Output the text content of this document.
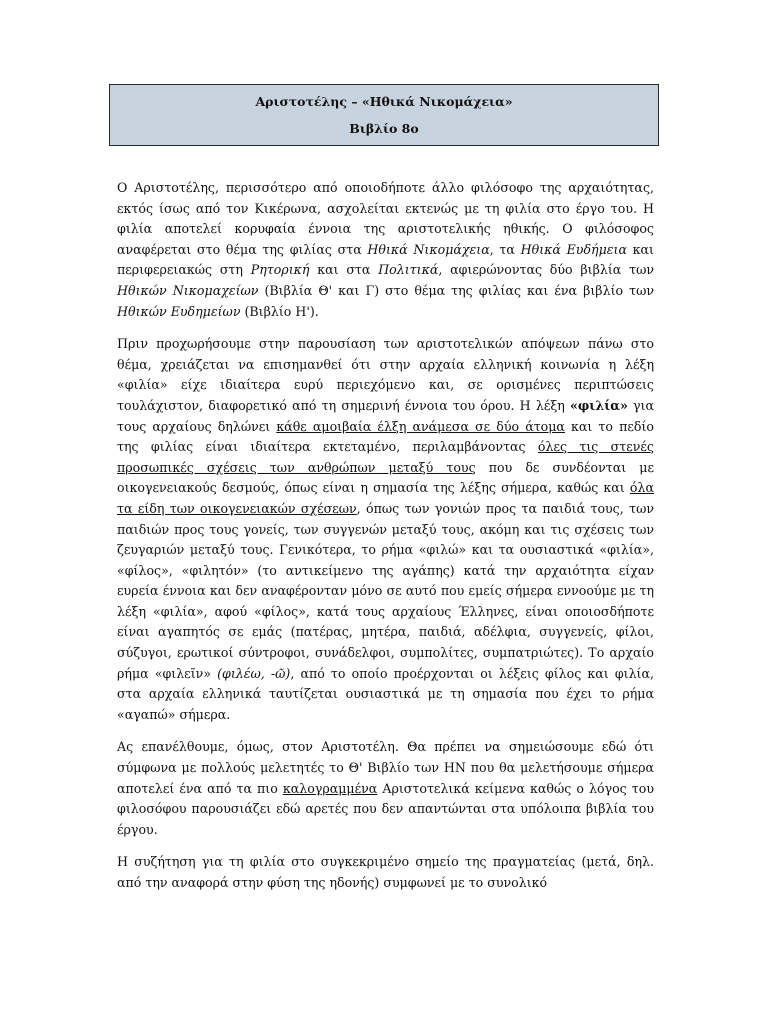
Αριστοτέλης – «Ηθικά Νικομάχεια»
Βιβλίο 8ο

Ο Αριστοτέλης, περισσότερο από οποιοδήποτε άλλο φιλόσοφο της αρχαιότητας, εκτός ίσως από τον Κικέρωνα, ασχολείται εκτενώς με τη φιλία στο έργο του. Η φιλία αποτελεί κορυφαία έννοια της αριστοτελικής ηθικής. Ο φιλόσοφος αναφέρεται στο θέμα της φιλίας στα Ηθικά Νικομάχεια, τα Ηθικά Ευδήμεια και περιφερειακώς στη Ρητορική και στα Πολιτικά, αφιερώνοντας δύο βιβλία των Ηθικών Νικομαχείων (Βιβλία Θ' και Γ) στο θέμα της φιλίας και ένα βιβλίο των Ηθικών Ευδημείων (Βιβλίο Η').

Πριν προχωρήσουμε στην παρουσίαση των αριστοτελικών απόψεων πάνω στο θέμα, χρειάζεται να επισημανθεί ότι στην αρχαία ελληνική κοινωνία η λέξη «φιλία» είχε ιδιαίτερα ευρύ περιεχόμενο και, σε ορισμένες περιπτώσεις τουλάχιστον, διαφορετικό από τη σημερινή έννοια του όρου. Η λέξη «φιλία» για τους αρχαίους δηλώνει κάθε αμοιβαία έλξη ανάμεσα σε δύο άτομα και το πεδίο της φιλίας είναι ιδιαίτερα εκτεταμένο, περιλαμβάνοντας όλες τις στενές προσωπικές σχέσεις των ανθρώπων μεταξύ τους που δε συνδέονται με οικογενειακούς δεσμούς, όπως είναι η σημασία της λέξης σήμερα, καθώς και όλα τα είδη των οικογενειακών σχέσεων, όπως των γονιών προς τα παιδιά τους, των παιδιών προς τους γονείς, των συγγενών μεταξύ τους, ακόμη και τις σχέσεις των ζευγαριών μεταξύ τους. Γενικότερα, το ρήμα «φιλώ» και τα ουσιαστικά «φιλία», «φίλος», «φιλητόν» (το αντικείμενο της αγάπης) κατά την αρχαιότητα είχαν ευρεία έννοια και δεν αναφέρονταν μόνο σε αυτό που εμείς σήμερα εννοούμε με τη λέξη «φιλία», αφού «φίλος», κατά τους αρχαίους Έλληνες, είναι οποιοσδήποτε είναι αγαπητός σε εμάς (πατέρας, μητέρα, παιδιά, αδέλφια, συγγενείς, φίλοι, σύζυγοι, ερωτικοί σύντροφοι, συνάδελφοι, συμπολίτες, συμπατριώτες). Το αρχαίο ρήμα «φιλεῖν» (φιλέω, -ῶ), από το οποίο προέρχονται οι λέξεις φίλος και φιλία, στα αρχαία ελληνικά ταυτίζεται ουσιαστικά με τη σημασία που έχει το ρήμα «αγαπώ» σήμερα.

Ας επανέλθουμε, όμως, στον Αριστοτέλη. Θα πρέπει να σημειώσουμε εδώ ότι σύμφωνα με πολλούς μελετητές το Θ' Βιβλίο των ΗΝ που θα μελετήσουμε σήμερα αποτελεί ένα από τα πιο καλογραμμένα Αριστοτελικά κείμενα καθώς ο λόγος του φιλοσόφου παρουσιάζει εδώ αρετές που δεν απαντώνται στα υπόλοιπα βιβλία του έργου.

Η συζήτηση για τη φιλία στο συγκεκριμένο σημείο της πραγματείας (μετά, δηλ. από την αναφορά στην φύση της ηδονής) συμφωνεί με το συνολικό
